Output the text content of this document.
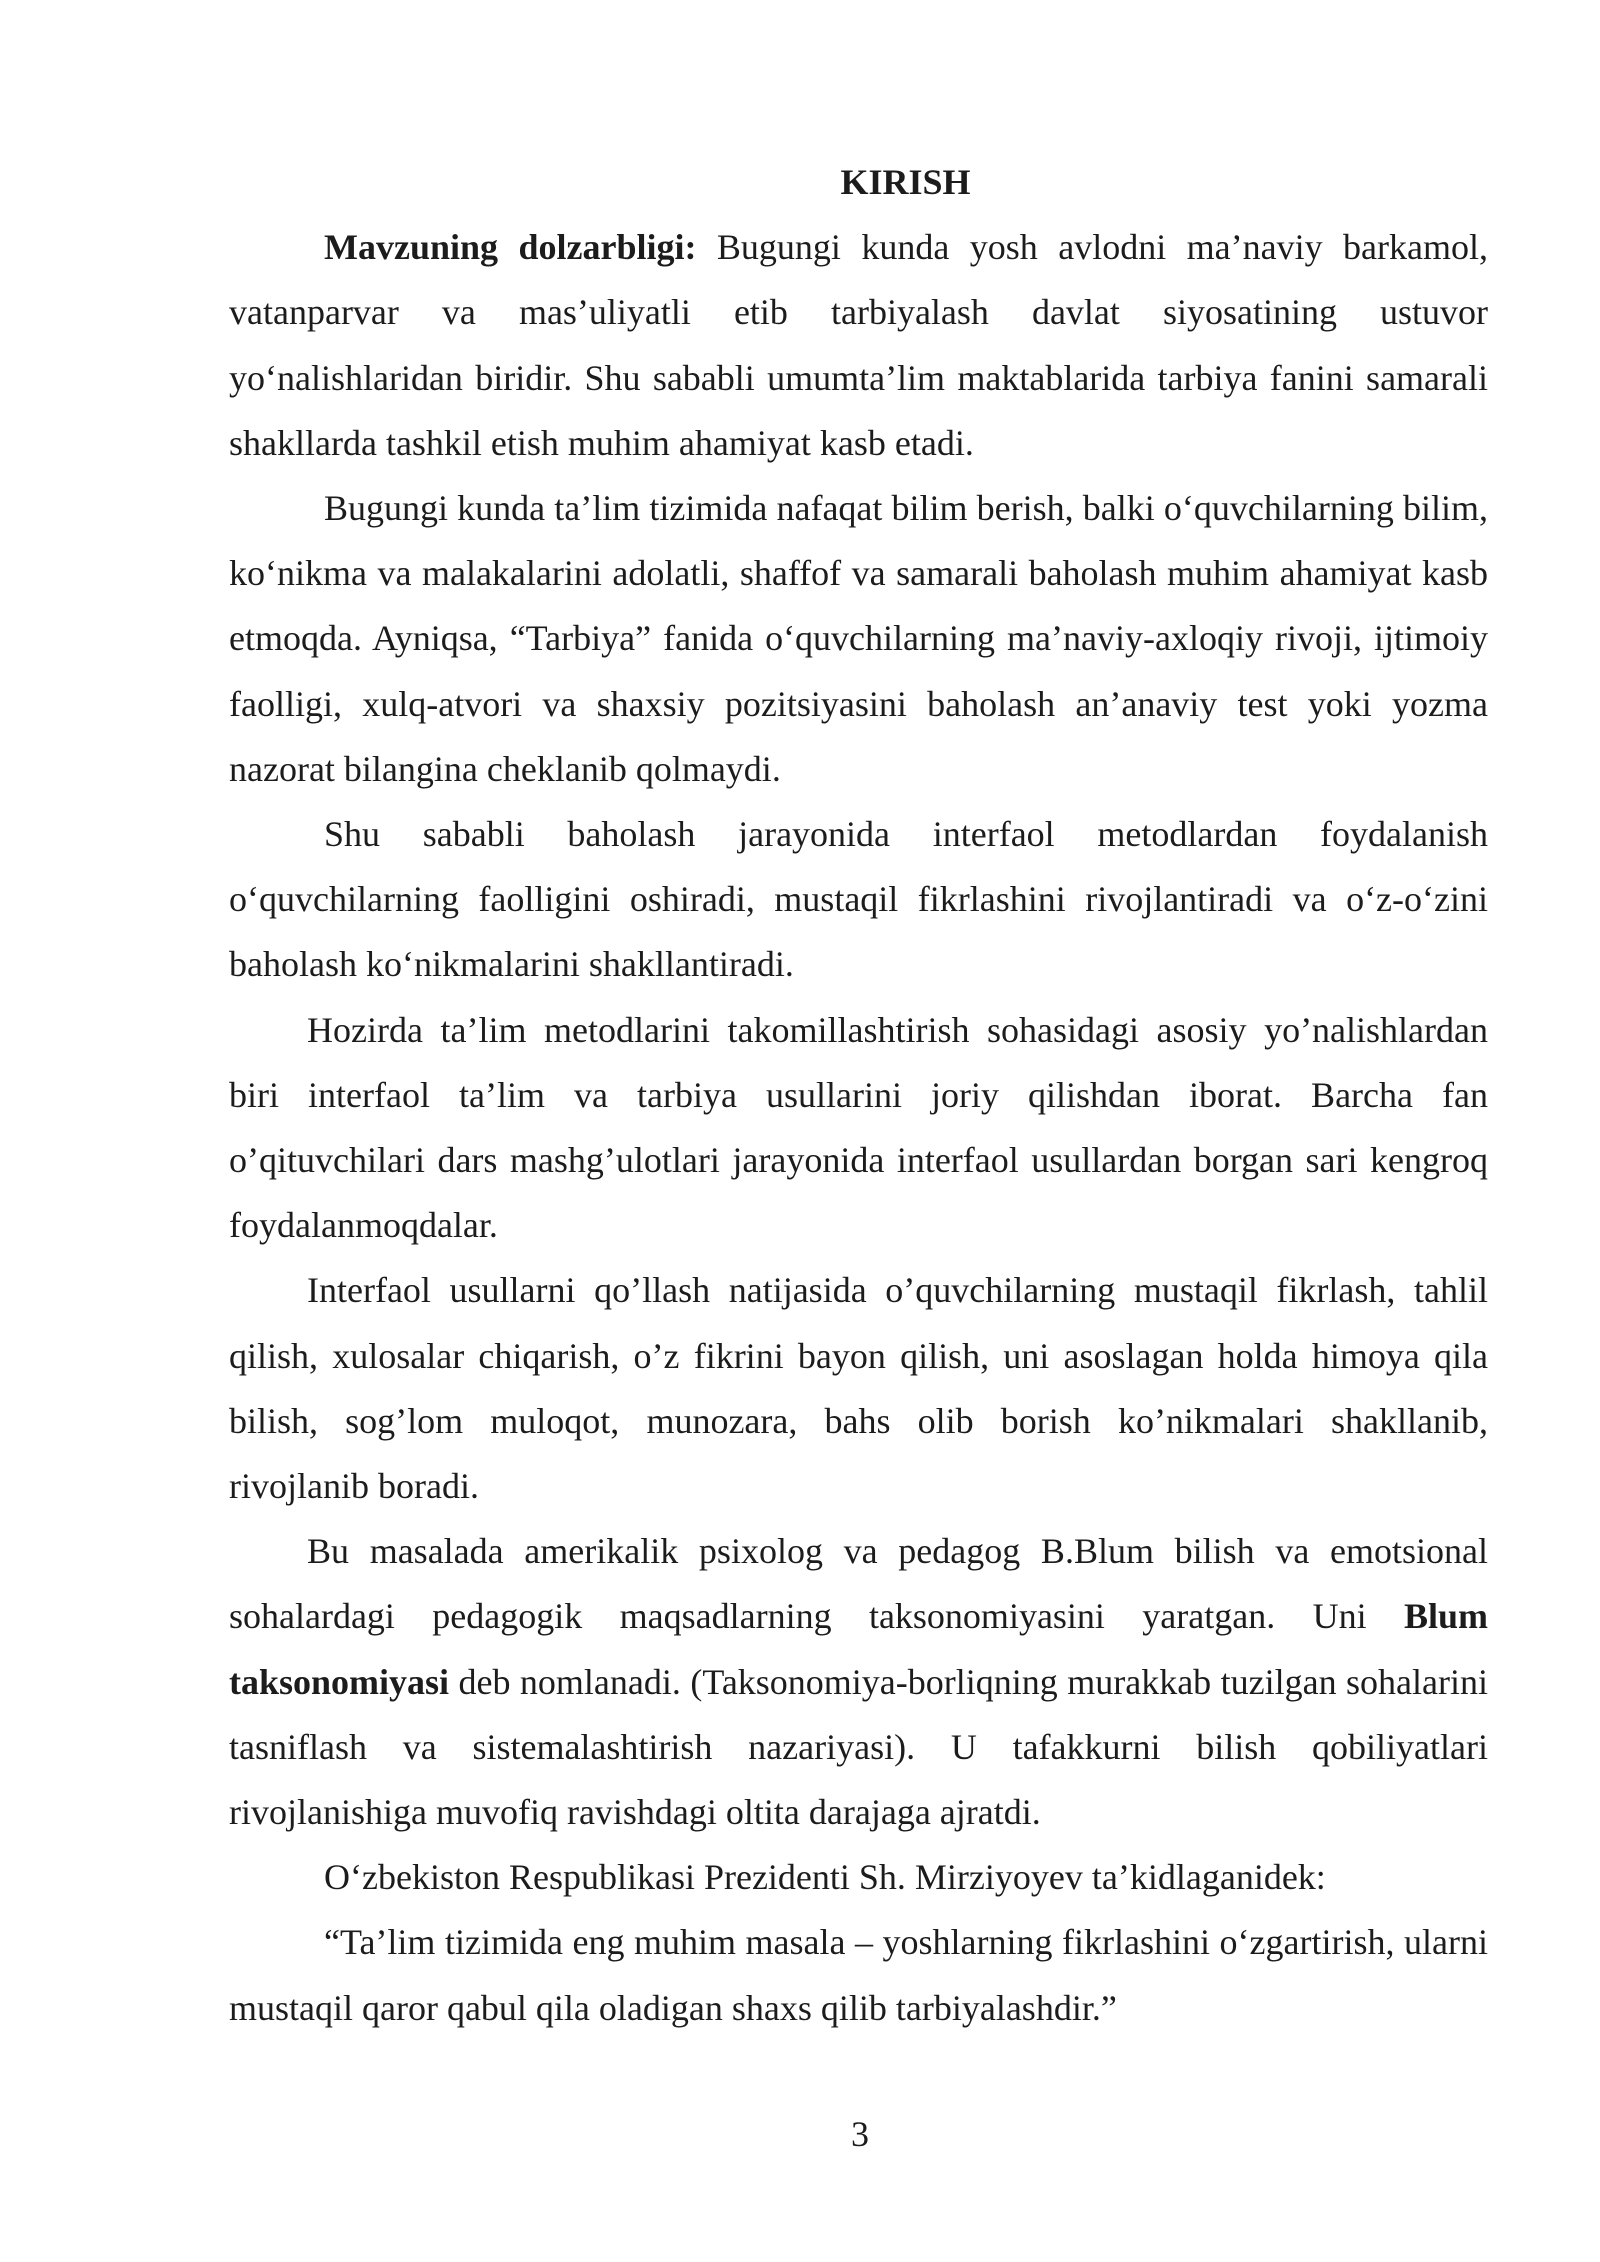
KIRISH

Mavzuning dolzarbligi: Bugungi kunda yosh avlodni ma’naviy barkamol, vatanparvar va mas’uliyatli etib tarbiyalash davlat siyosatining ustuvor yo‘nalishlaridan biridir. Shu sababli umumta’lim maktablarida tarbiya fanini samarali shakllarda tashkil etish muhim ahamiyat kasb etadi.

Bugungi kunda ta’lim tizimida nafaqat bilim berish, balki o‘quvchilarning bilim, ko‘nikma va malakalarini adolatli, shaffof va samarali baholash muhim ahamiyat kasb etmoqda. Ayniqsa, “Tarbiya” fanida o‘quvchilarning ma’naviy-axloqiy rivoji, ijtimoiy faolligi, xulq-atvori va shaxsiy pozitsiyasini baholash an’anaviy test yoki yozma nazorat bilangina cheklanib qolmaydi.

Shu sababli baholash jarayonida interfaol metodlardan foydalanish o‘quvchilarning faolligini oshiradi, mustaqil fikrlashini rivojlantiradi va o‘z-o‘zini baholash ko‘nikmalarini shakllantiradi.

Hozirda ta’lim metodlarini takomillashtirish sohasidagi asosiy yo’nalishlardan biri interfaol ta’lim va tarbiya usullarini joriy qilishdan iborat. Barcha fan o’qituvchilari dars mashg’ulotlari jarayonida interfaol usullardan borgan sari kengroq foydalanmoqdalar.

Interfaol usullarni qo’llash natijasida o’quvchilarning mustaqil fikrlash, tahlil qilish, xulosalar chiqarish, o’z fikrini bayon qilish, uni asoslagan holda himoya qila bilish, sog’lom muloqot, munozara, bahs olib borish ko’nikmalari shakllanib, rivojlanib boradi.

Bu masalada amerikalik psixolog va pedagog B.Blum bilish va emotsional sohalardagi pedagogik maqsadlarning taksonomiyasini yaratgan. Uni Blum taksonomiyasi deb nomlanadi. (Taksonomiya-borliqning murakkab tuzilgan sohalarini tasniflash va sistemalashtirish nazariyasi). U tafakkurni bilish qobiliyatlari rivojlanishiga muvofiq ravishdagi oltita darajaga ajratdi.

O‘zbekiston Respublikasi Prezidenti Sh. Mirziyoyev ta’kidlaganidek:

“Ta’lim tizimida eng muhim masala – yoshlarning fikrlashini o‘zgartirish, ularni mustaqil qaror qabul qila oladigan shaxs qilib tarbiyalashdir.”

3
